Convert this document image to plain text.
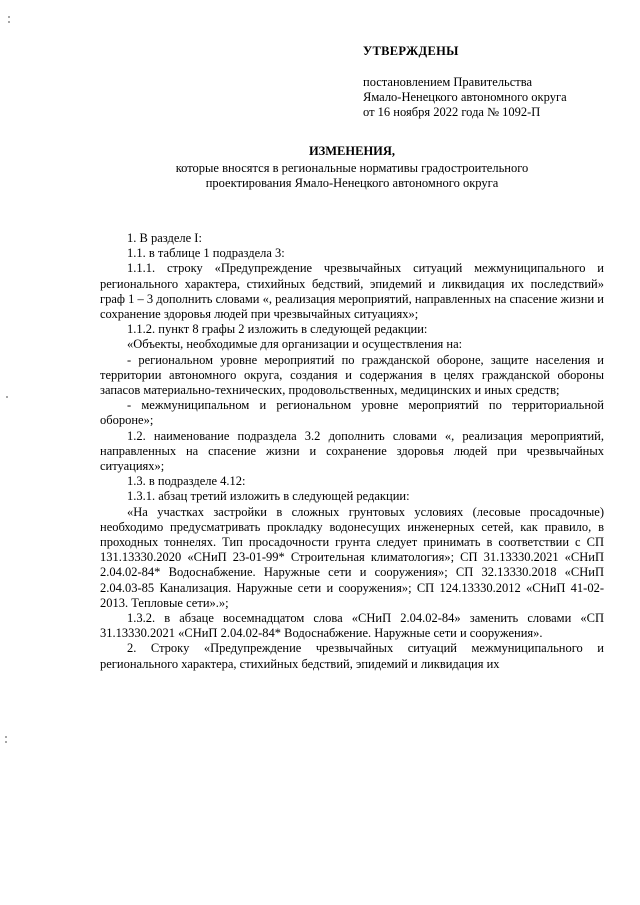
УТВЕРЖДЕНЫ
постановлением Правительства
Ямало-Ненецкого автономного округа
от 16 ноября 2022 года № 1092-П
ИЗМЕНЕНИЯ,
которые вносятся в региональные нормативы градостроительного проектирования Ямало-Ненецкого автономного округа

1. В разделе I:

1.1. в таблице 1 подраздела 3:

1.1.1. строку «Предупреждение чрезвычайных ситуаций межмуниципального и регионального характера, стихийных бедствий, эпидемий и ликвидация их последствий» граф 1 – 3 дополнить словами «, реализация мероприятий, направленных на спасение жизни и сохранение здоровья людей при чрезвычайных ситуациях»;

1.1.2. пункт 8 графы 2 изложить в следующей редакции:

«Объекты, необходимые для организации и осуществления на:

- региональном уровне мероприятий по гражданской обороне, защите населения и территории автономного округа, создания и содержания в целях гражданской обороны запасов материально-технических, продовольственных, медицинских и иных средств;

- межмуниципальном и региональном уровне мероприятий по территориальной обороне»;

1.2. наименование подраздела 3.2 дополнить словами «, реализация мероприятий, направленных на спасение жизни и сохранение здоровья людей при чрезвычайных ситуациях»;

1.3. в подразделе 4.12:

1.3.1. абзац третий изложить в следующей редакции:

«На участках застройки в сложных грунтовых условиях (лесовые просадочные) необходимо предусматривать прокладку водонесущих инженерных сетей, как правило, в проходных тоннелях. Тип просадочности грунта следует принимать в соответствии с СП 131.13330.2020 «СНиП 23-01-99* Строительная климатология»; СП 31.13330.2021 «СНиП 2.04.02-84* Водоснабжение. Наружные сети и сооружения»; СП 32.13330.2018 «СНиП 2.04.03-85 Канализация. Наружные сети и сооружения»; СП 124.13330.2012 «СНиП 41-02-2013. Тепловые сети».»;

1.3.2. в абзаце восемнадцатом слова «СНиП 2.04.02-84» заменить словами «СП 31.13330.2021 «СНиП 2.04.02-84* Водоснабжение. Наружные сети и сооружения».

2. Строку «Предупреждение чрезвычайных ситуаций межмуниципального и регионального характера, стихийных бедствий, эпидемий и ликвидация их
